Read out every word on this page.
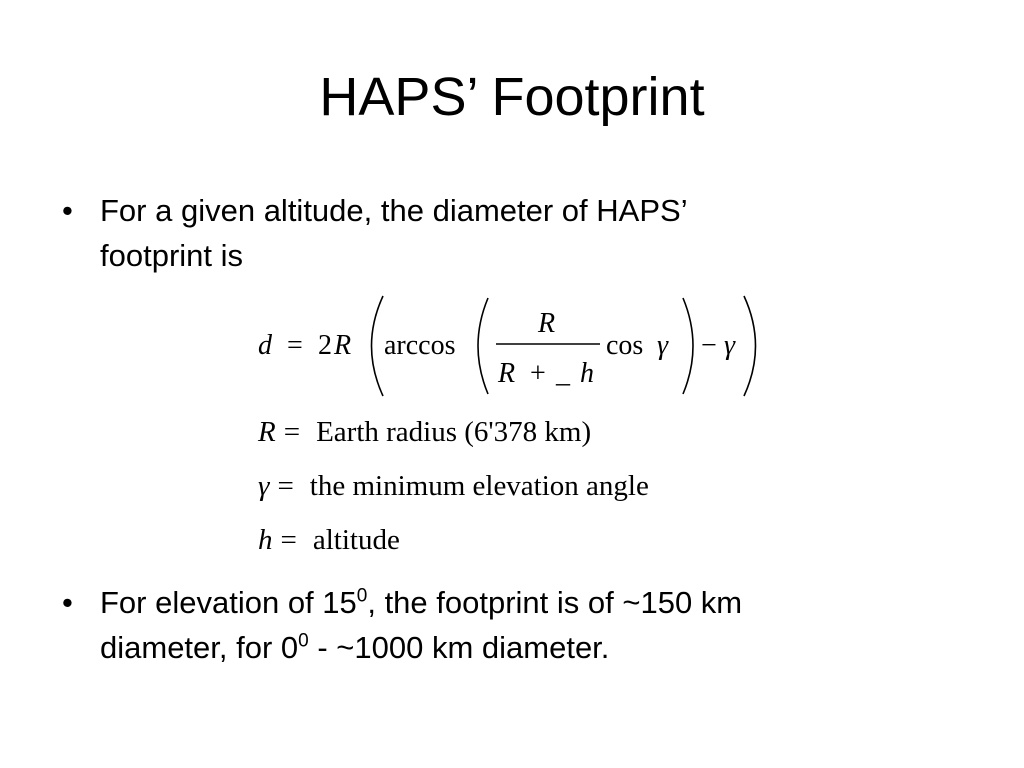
HAPS’ Footprint
• For a given altitude, the diameter of HAPS’
footprint is
d = 2 R arccos
R
R + _ h
cos γ − γ
R = Earth radius (6'378 km)
γ = the minimum elevation angle
h = altitude
• For elevation of $15^0$, the footprint is of ~150 km
diameter, for $0^0$ - ~1000 km diameter.
